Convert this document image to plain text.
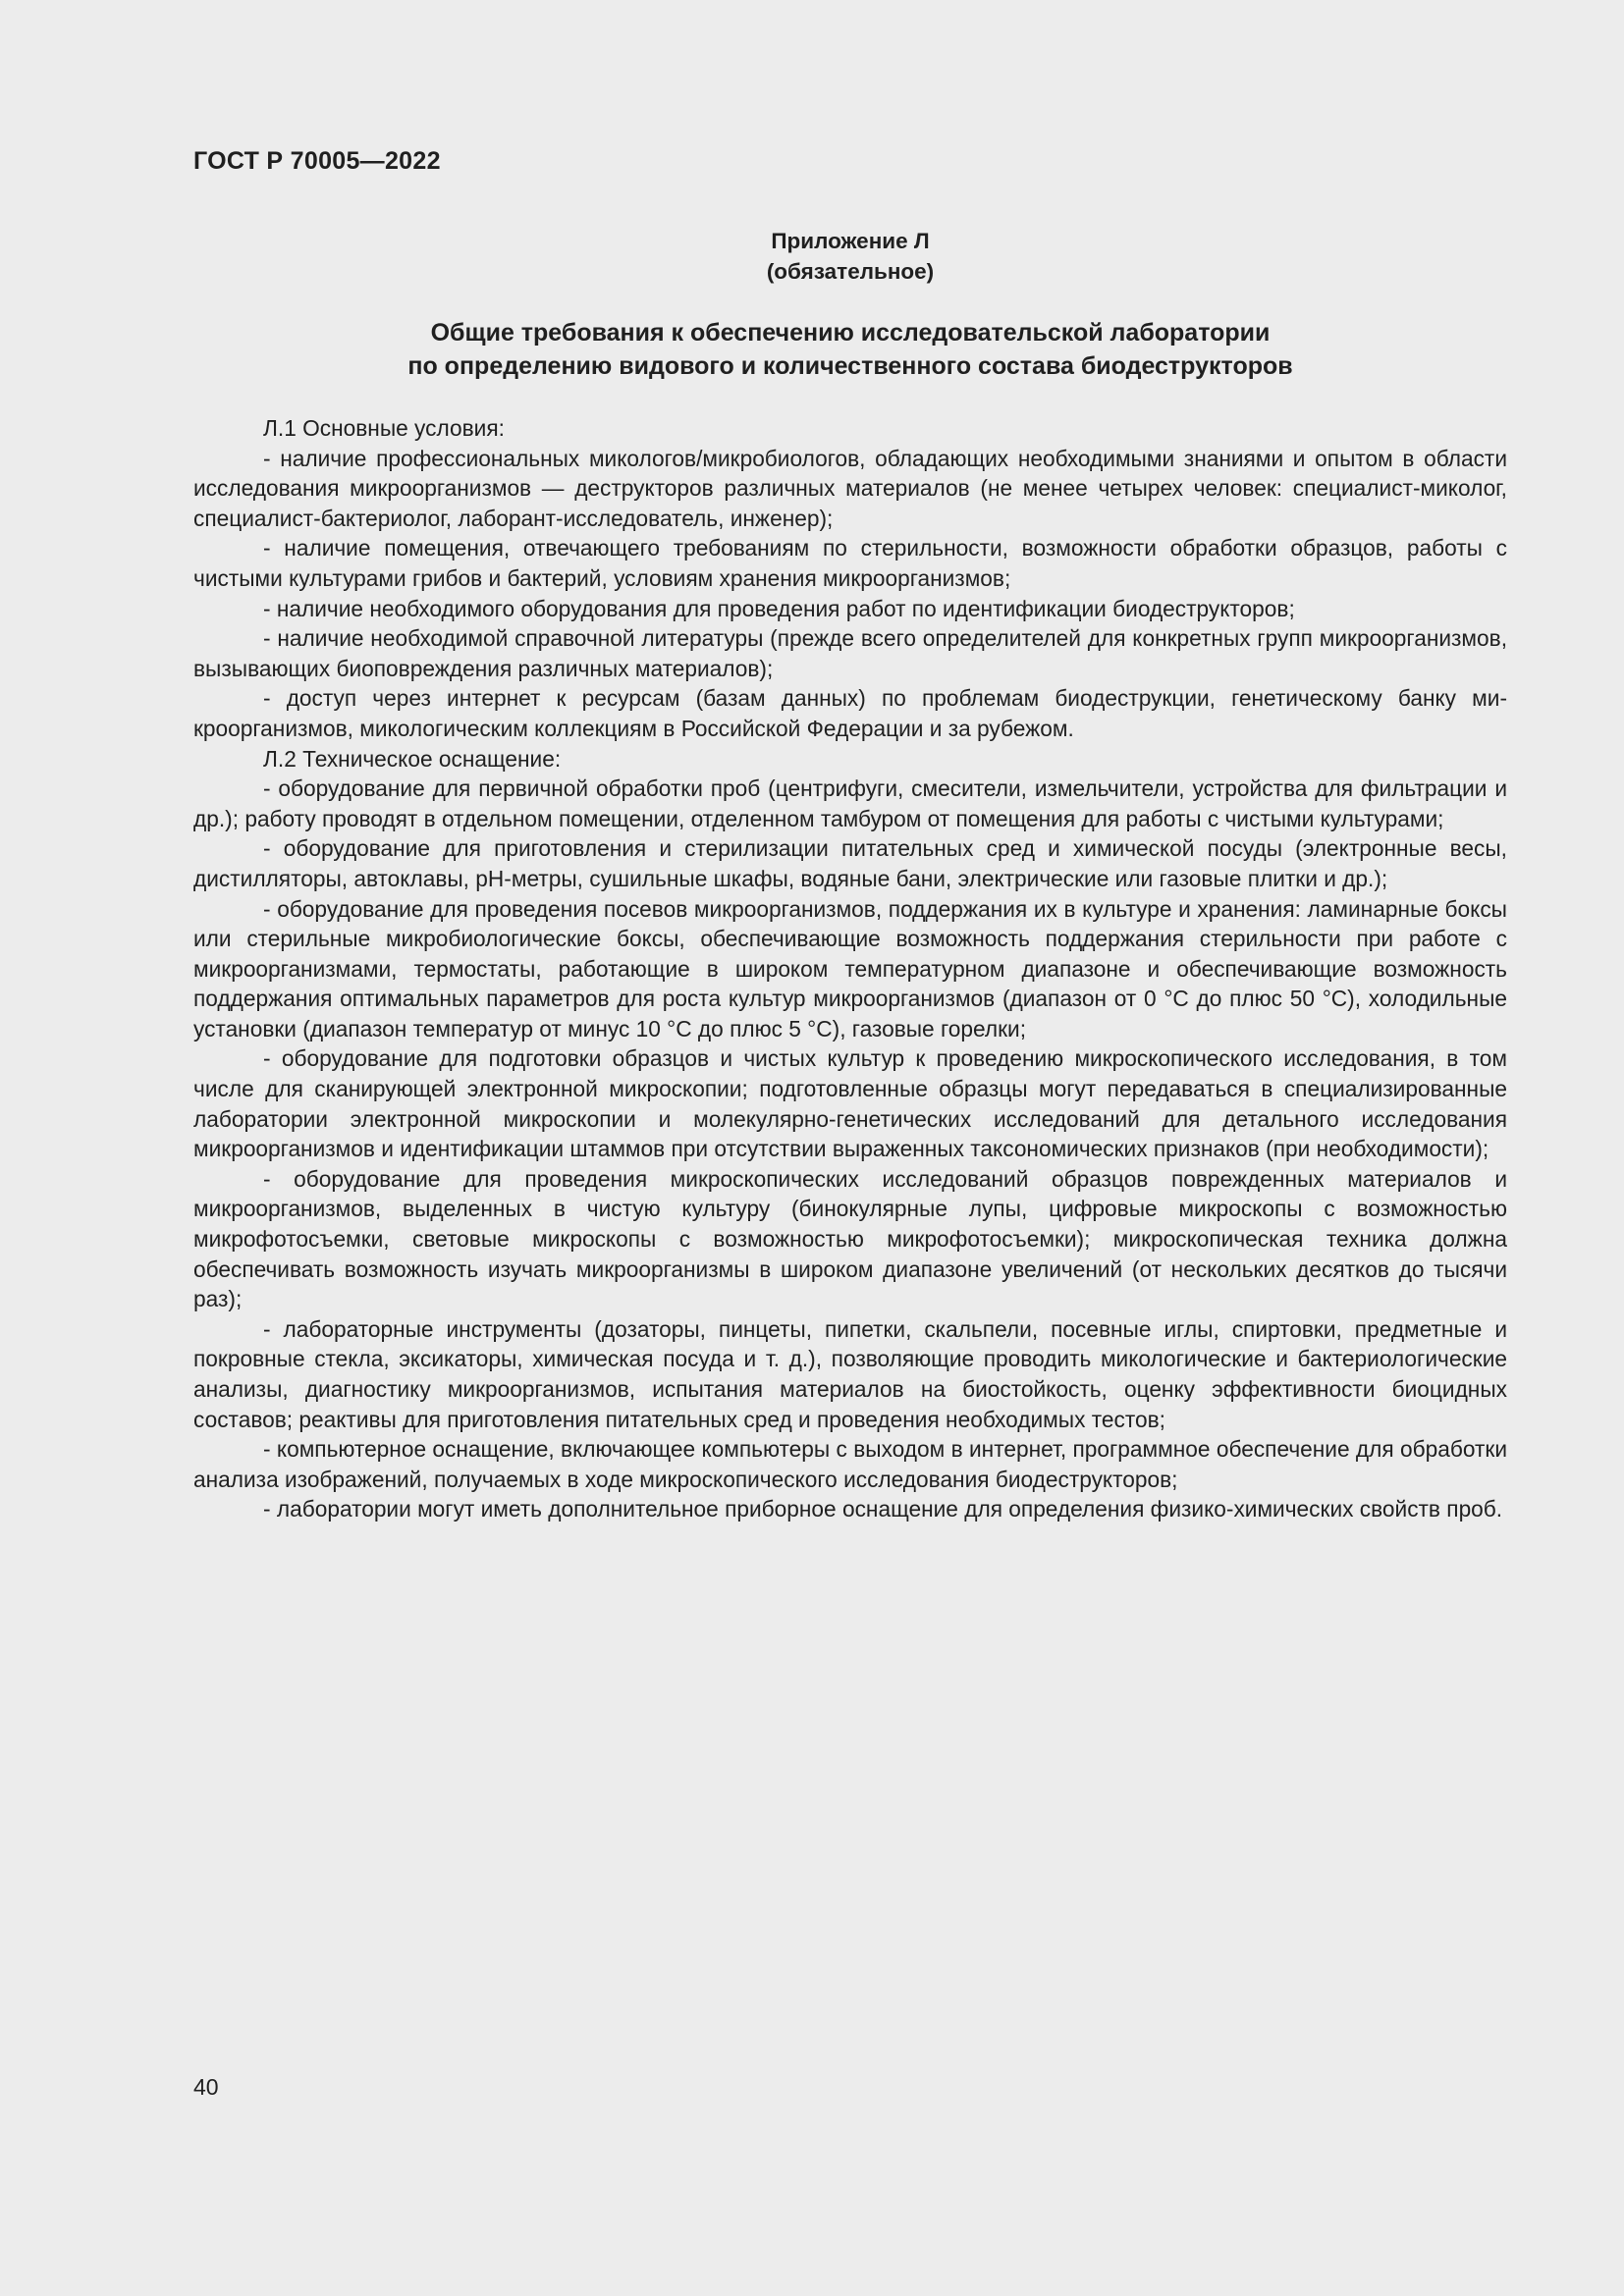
ГОСТ Р 70005—2022
Приложение Л
(обязательное)
Общие требования к обеспечению исследовательской лаборатории
по определению видового и количественного состава биодеструкторов

Л.1 Основные условия:

- наличие профессиональных микологов/микробиологов, обладающих необходимыми знаниями и опытом в области исследования микроорганизмов — деструкторов различных материалов (не менее четырех человек: специалист-миколог, специалист-бактериолог, лаборант-исследователь, инженер);

- наличие помещения, отвечающего требованиям по стерильности, возможности обработки образцов, работы с чистыми культурами грибов и бактерий, условиям хранения микроорганизмов;

- наличие необходимого оборудования для проведения работ по идентификации биодеструкторов;

- наличие необходимой справочной литературы (прежде всего определителей для конкретных групп микроорганизмов, вызывающих биоповреждения различных материалов);

- доступ через интернет к ресурсам (базам данных) по проблемам биодеструкции, генетическому банку микроорганизмов, микологическим коллекциям в Российской Федерации и за рубежом.

Л.2 Техническое оснащение:

- оборудование для первичной обработки проб (центрифуги, смесители, измельчители, устройства для фильтрации и др.); работу проводят в отдельном помещении, отделенном тамбуром от помещения для работы с чистыми культурами;

- оборудование для приготовления и стерилизации питательных сред и химической посуды (электронные весы, дистилляторы, автоклавы, рН-метры, сушильные шкафы, водяные бани, электрические или газовые плитки и др.);

- оборудование для проведения посевов микроорганизмов, поддержания их в культуре и хранения: ламинарные боксы или стерильные микробиологические боксы, обеспечивающие возможность поддержания стерильности при работе с микроорганизмами, термостаты, работающие в широком температурном диапазоне и обеспечивающие возможность поддержания оптимальных параметров для роста культур микроорганизмов (диапазон от 0 °С до плюс 50 °С), холодильные установки (диапазон температур от минус 10 °С до плюс 5 °С), газовые горелки;

- оборудование для подготовки образцов и чистых культур к проведению микроскопического исследования, в том числе для сканирующей электронной микроскопии; подготовленные образцы могут передаваться в специализированные лаборатории электронной микроскопии и молекулярно-генетических исследований для детального исследования микроорганизмов и идентификации штаммов при отсутствии выраженных таксономических признаков (при необходимости);

- оборудование для проведения микроскопических исследований образцов поврежденных материалов и микроорганизмов, выделенных в чистую культуру (бинокулярные лупы, цифровые микроскопы с возможностью микрофотосъемки, световые микроскопы с возможностью микрофотосъемки); микроскопическая техника должна обеспечивать возможность изучать микроорганизмы в широком диапазоне увеличений (от нескольких десятков до тысячи раз);

- лабораторные инструменты (дозаторы, пинцеты, пипетки, скальпели, посевные иглы, спиртовки, предметные и покровные стекла, эксикаторы, химическая посуда и т. д.), позволяющие проводить микологические и бактериологические анализы, диагностику микроорганизмов, испытания материалов на биостойкость, оценку эффективности биоцидных составов; реактивы для приготовления питательных сред и проведения необходимых тестов;

- компьютерное оснащение, включающее компьютеры с выходом в интернет, программное обеспечение для обработки анализа изображений, получаемых в ходе микроскопического исследования биодеструкторов;

- лаборатории могут иметь дополнительное приборное оснащение для определения физико-химических свойств проб.

40
